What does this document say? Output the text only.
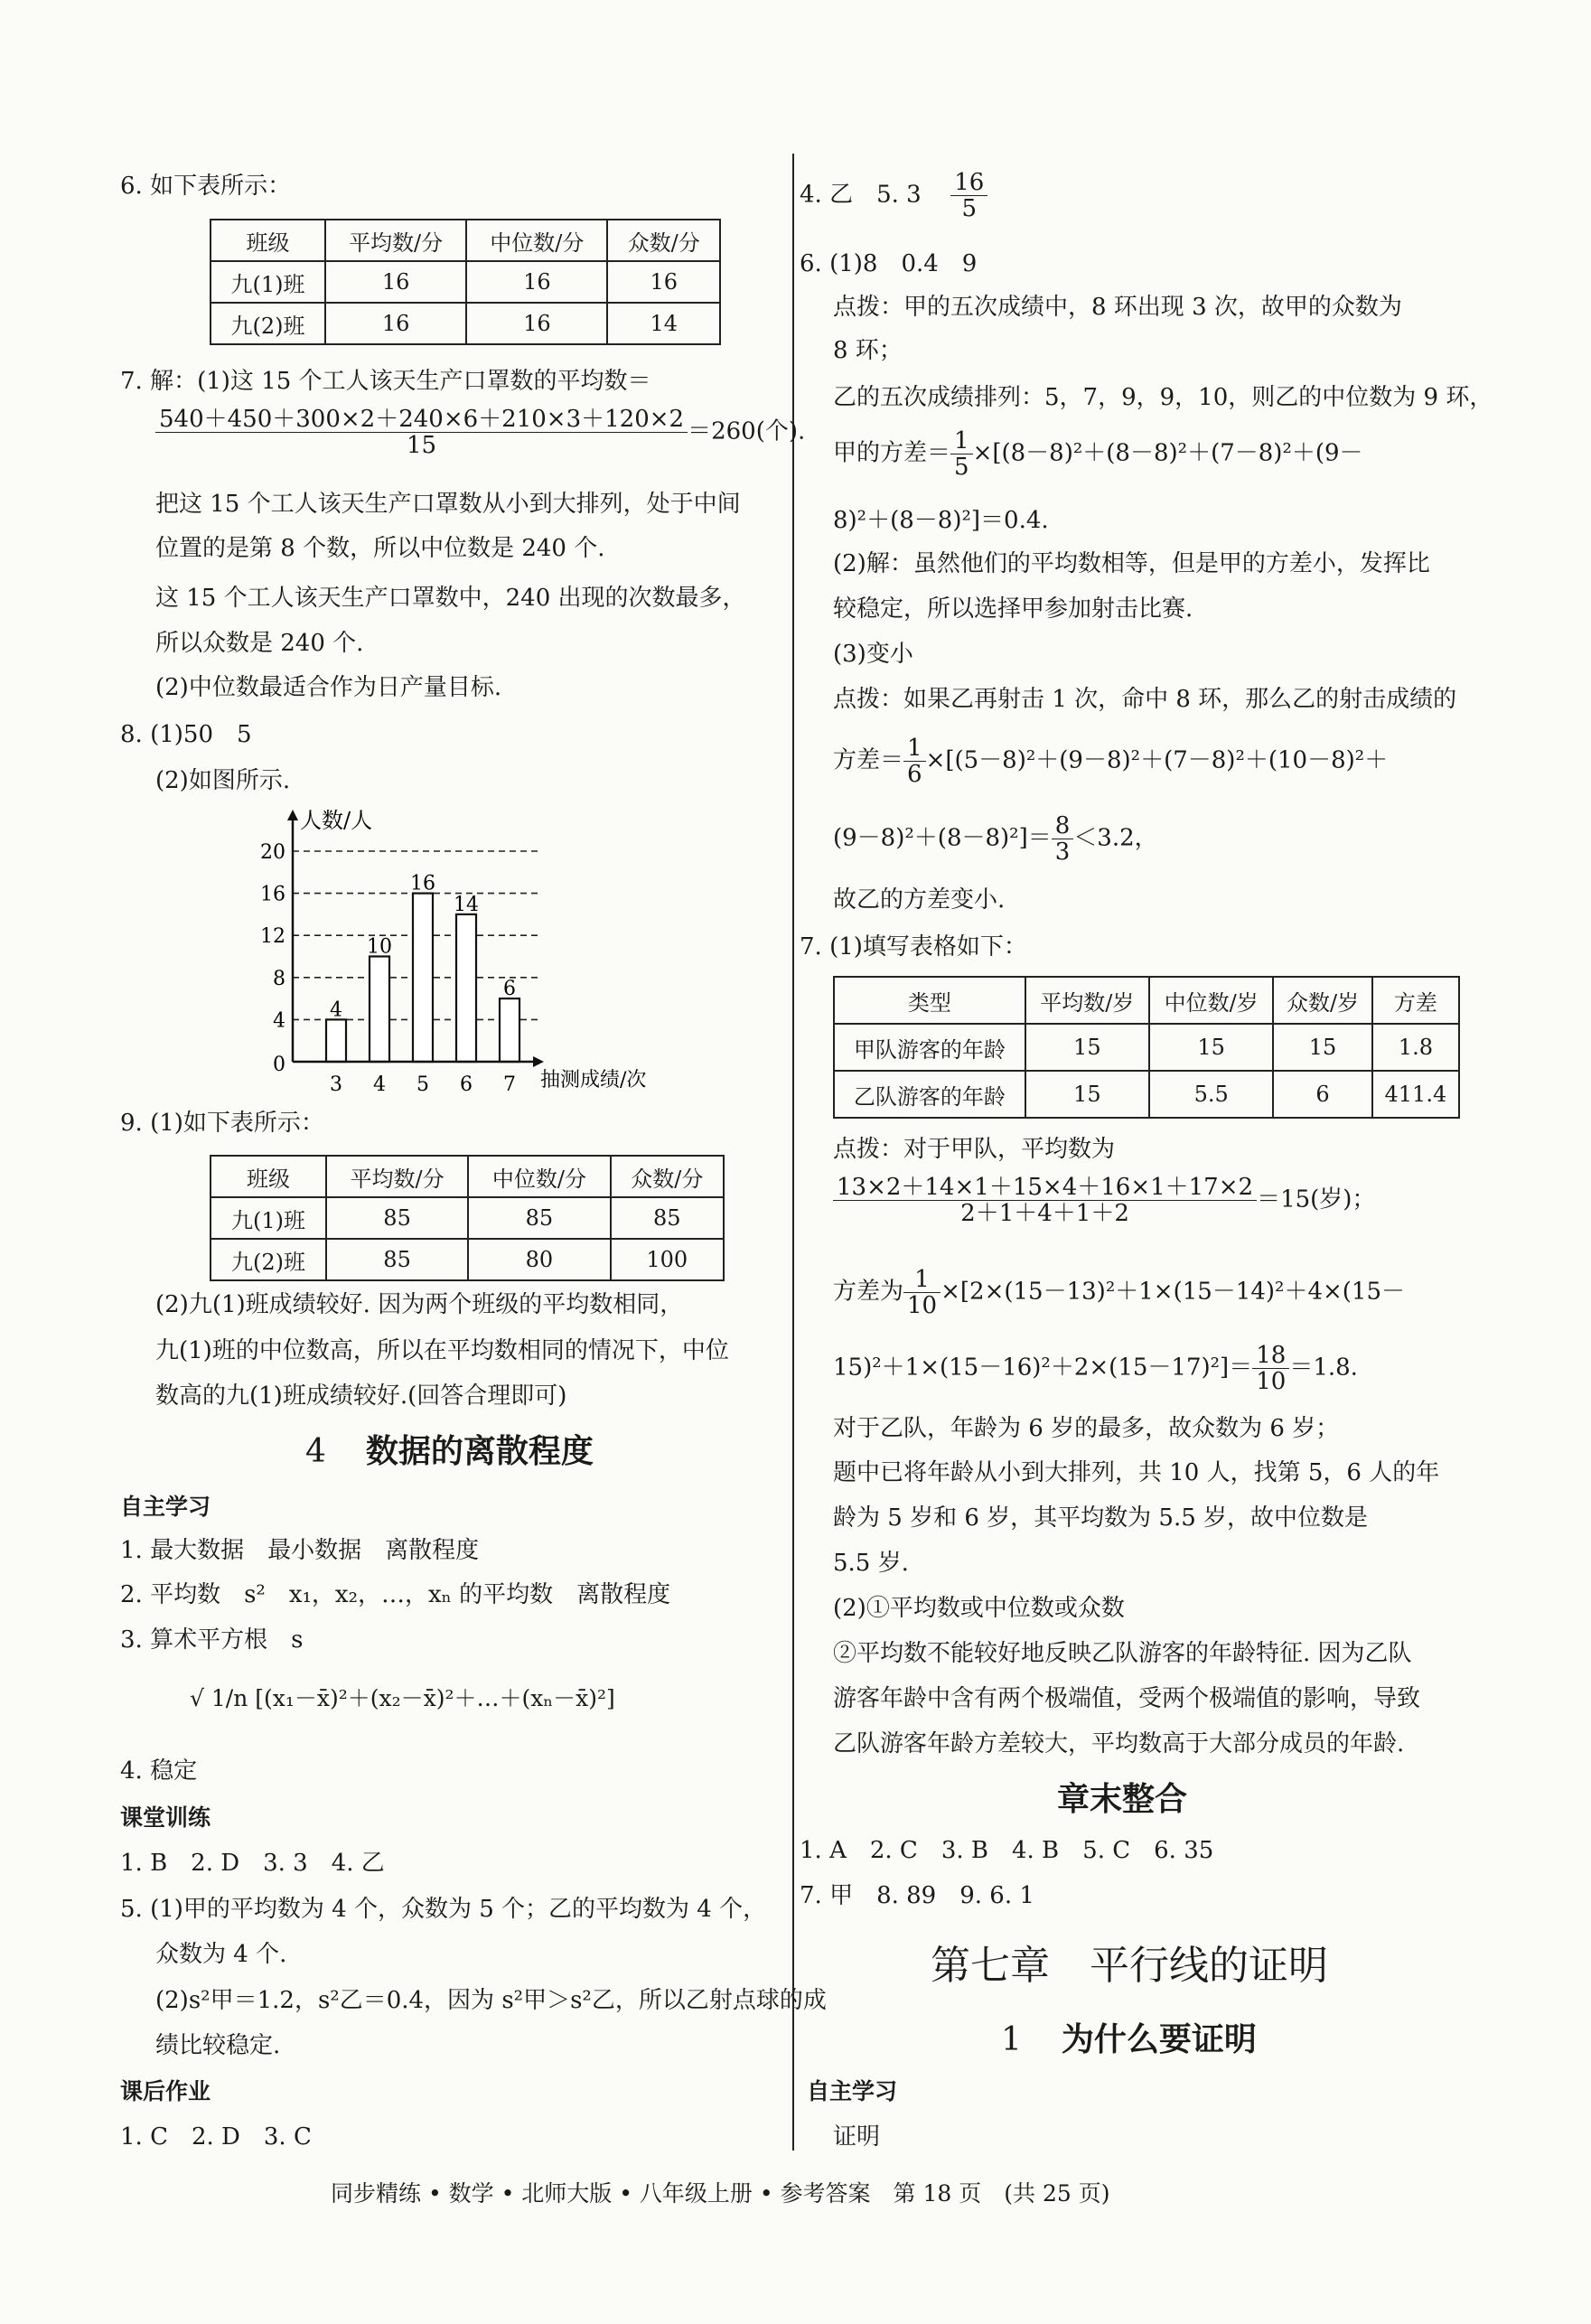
6. 如下表所示：
班级	平均数/分	中位数/分	众数/分
九(1)班	16	16	16
九(2)班	16	16	14
7. 解：(1)这 15 个工人该天生产口罩数的平均数＝
$\frac{540+450+300\times 2+240\times 6+210\times 3+120\times 2}{15} =260$(个).
把这 15 个工人该天生产口罩数从小到大排列，处于中间
位置的是第 8 个数，所以中位数是 240 个.
这 15 个工人该天生产口罩数中，240 出现的次数最多，
所以众数是 240 个.
(2)中位数最适合作为日产量目标.
8. (1)50　5
(2)如图所示.
人数/人
抽测成绩/次
0
4
8
12
16
20
3 4 5 6 7
4
10
16
14
6
9. (1)如下表所示：
班级	平均数/分	中位数/分	众数/分
九(1)班	85	85	85
九(2)班	85	80	100
(2)九(1)班成绩较好. 因为两个班级的平均数相同，
九(1)班的中位数高，所以在平均数相同的情况下，中位
数高的九(1)班成绩较好.(回答合理即可)
4 数据的离散程度
自主学习
1. 最大数据　最小数据　离散程度
2. 平均数　s²　x₁，x₂，…，xₙ 的平均数　离散程度
3. 算术平方根　s
√ 1/n [(x₁－x̄)²＋(x₂－x̄)²＋…＋(xₙ－x̄)²]
4. 稳定
课堂训练
1. B　2. D　3. 3　4. 乙
5. (1)甲的平均数为 4 个，众数为 5 个；乙的平均数为 4 个，
众数为 4 个.
(2)s²甲＝1.2，s²乙＝0.4，因为 s²甲＞s²乙，所以乙射点球的成
绩比较稳定.
课后作业
1. C　2. D　3. C
4. 乙　5. $3 \frac{16}{5}$
6. (1)8　0.4　9
点拨：甲的五次成绩中，8 环出现 3 次，故甲的众数为
8 环；
乙的五次成绩排列：5，7，9，9，10，则乙的中位数为 9 环，
甲的方差＝ $\frac{1}{5} \times[(8-8)^2+(8-8)^2+(7-8)^2+(9-$
8)²＋(8－8)²]＝0.4.
(2)解：虽然他们的平均数相等，但是甲的方差小，发挥比
较稳定，所以选择甲参加射击比赛.
(3)变小
点拨：如果乙再射击 1 次，命中 8 环，那么乙的射击成绩的
方差＝ $\frac{1}{6} \times[(5-8)^2+(9-8)^2+(7-8)^2+(10-8)^2+$
$(9-8)^2+(8-8)^2]= \frac{8}{3} <3.2$，
故乙的方差变小.
7. (1)填写表格如下：
类型	平均数/岁	中位数/岁	众数/岁	方差
甲队游客的年龄	15	15	15	1.8
乙队游客的年龄	15	5.5	6	411.4
点拨：对于甲队，平均数为
$\frac{13\times 2+14\times 1+15\times 4+16\times 1+17\times 2}{2+1+4+1+2} =15$(岁)；
方差为 $\frac{1}{10} \times[2\times(15-13)^2+1\times(15-14)^2+4\times(15-$
$15)^2+1\times(15-16)^2+2\times(15-17)^2]= \frac{18}{10} =1.8$.
对于乙队，年龄为 6 岁的最多，故众数为 6 岁；
题中已将年龄从小到大排列，共 10 人，找第 5，6 人的年
龄为 5 岁和 6 岁，其平均数为 5.5 岁，故中位数是
5.5 岁.
(2)①平均数或中位数或众数
②平均数不能较好地反映乙队游客的年龄特征. 因为乙队
游客年龄中含有两个极端值，受两个极端值的影响，导致
乙队游客年龄方差较大，平均数高于大部分成员的年龄.
章末整合
1. A　2. C　3. B　4. B　5. C　6. 35
7. 甲　8. 89　9. 6. 1
第七章　平行线的证明
1 为什么要证明
自主学习
证明
同步精练 • 数学 • 北师大版 • 八年级上册 • 参考答案　第 18 页　(共 25 页)
